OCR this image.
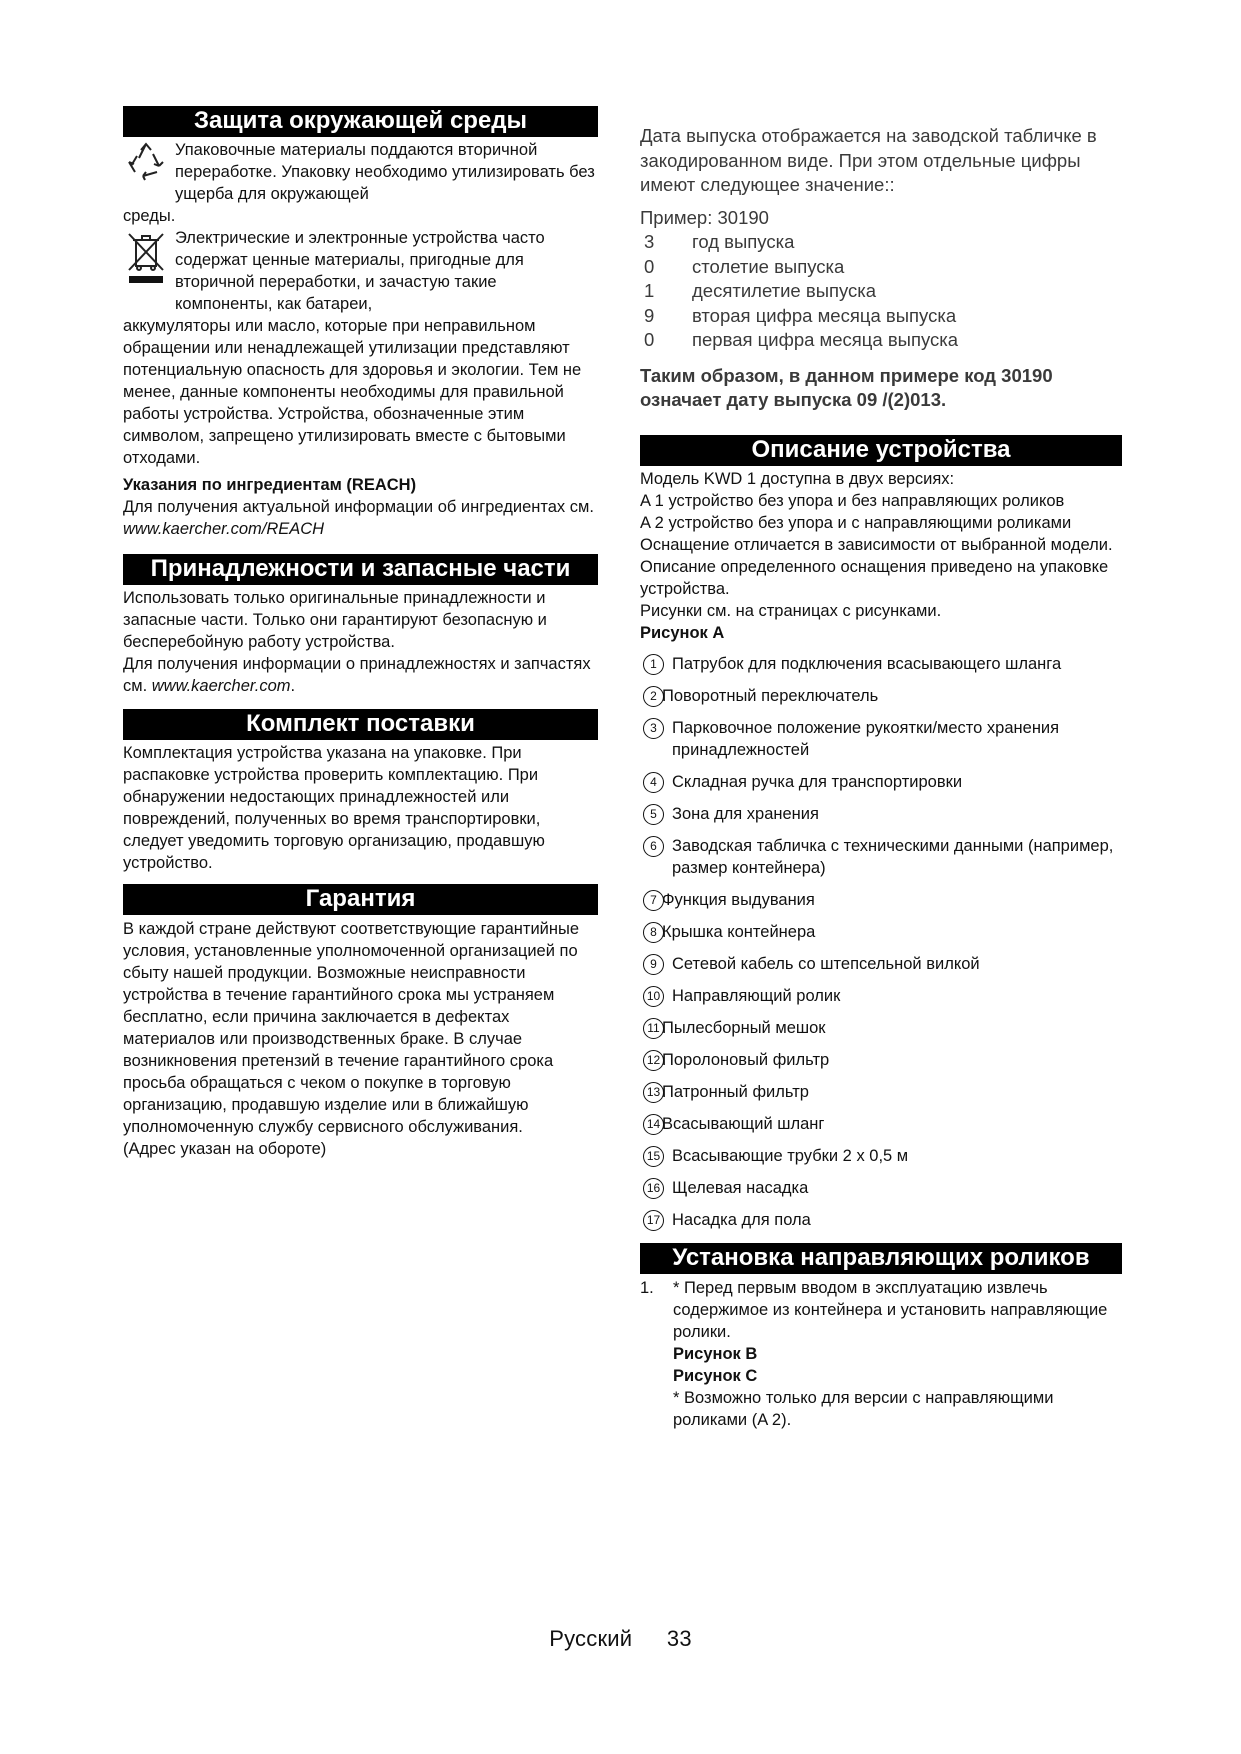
Защита окружающей среды

Упаковочные материалы поддаются вторичной переработке. Упаковку необходимо утилизировать без ущерба для окружающей

среды.

Электрические и электронные устройства часто содержат ценные материалы, пригодные для вторичной переработки, и зачастую такие компоненты, как батареи,

аккумуляторы или масло, которые при неправильном обращении или ненадлежащей утилизации представляют потенциальную опасность для здоровья и экологии. Тем не менее, данные компоненты необходимы для правильной работы устройства. Устройства, обозначенные этим символом, запрещено утилизировать вместе с бытовыми отходами.

Указания по ингредиентам (REACH)

Для получения актуальной информации об ингредиентах см. www.kaercher.com/REACH

Принадлежности и запасные части

Использовать только оригинальные принадлежности и запасные части. Только они гарантируют безопасную и бесперебойную работу устройства.

Для получения информации о принадлежностях и запчастях см. www.kaercher.com.

Комплект поставки

Комплектация устройства указана на упаковке. При распаковке устройства проверить комплектацию. При обнаружении недостающих принадлежностей или повреждений, полученных во время транспортировки, следует уведомить торговую организацию, продавшую устройство.

Гарантия

В каждой стране действуют соответствующие гарантийные условия, установленные уполномоченной организацией по сбыту нашей продукции. Возможные неисправности устройства в течение гарантийного срока мы устраняем бесплатно, если причина заключается в дефектах материалов или производственных браке. В случае возникновения претензий в течение гарантийного срока просьба обращаться с чеком о покупке в торговую организацию, продавшую изделие или в ближайшую уполномоченную службу сервисного обслуживания.

(Адрес указан на обороте)

Дата выпуска отображается на заводской табличке в закодированном виде. При этом отдельные цифры имеют следующее значение::

Пример: 30190

3	год выпуска
0	столетие выпуска
1	десятилетие выпуска
9	вторая цифра месяца выпуска
0	первая цифра месяца выпуска

Таким образом, в данном примере код 30190 означает дату выпуска 09 /(2)013.

Описание устройства

Модель KWD 1 доступна в двух версиях:

A 1 устройство без упора и без направляющих роликов

A 2 устройство без упора и с направляющими роликами

Оснащение отличается в зависимости от выбранной модели. Описание определенного оснащения приведено на упаковке устройства.

Рисунки см. на страницах с рисунками.

Рисунок A

1 Патрубок для подключения всасывающего шланга
2 Поворотный переключатель
3 Парковочное положение рукоятки/место хранения принадлежностей
4 Складная ручка для транспортировки
5 Зона для хранения
6 Заводская табличка с техническими данными (например, размер контейнера)
7 Функция выдувания
8 Крышка контейнера
9 Сетевой кабель со штепсельной вилкой
10 Направляющий ролик
11 Пылесборный мешок
12 Поролоновый фильтр
13 Патронный фильтр
14 Всасывающий шланг
15 Всасывающие трубки 2 х 0,5 м
16 Щелевая насадка
17 Насадка для пола
Установка направляющих роликов
1. * Перед первым вводом в эксплуатацию извлечь содержимое из контейнера и установить направляющие ролики.

Рисунок B

Рисунок C

* Возможно только для версии с направляющими роликами (A 2).

Русский 33
